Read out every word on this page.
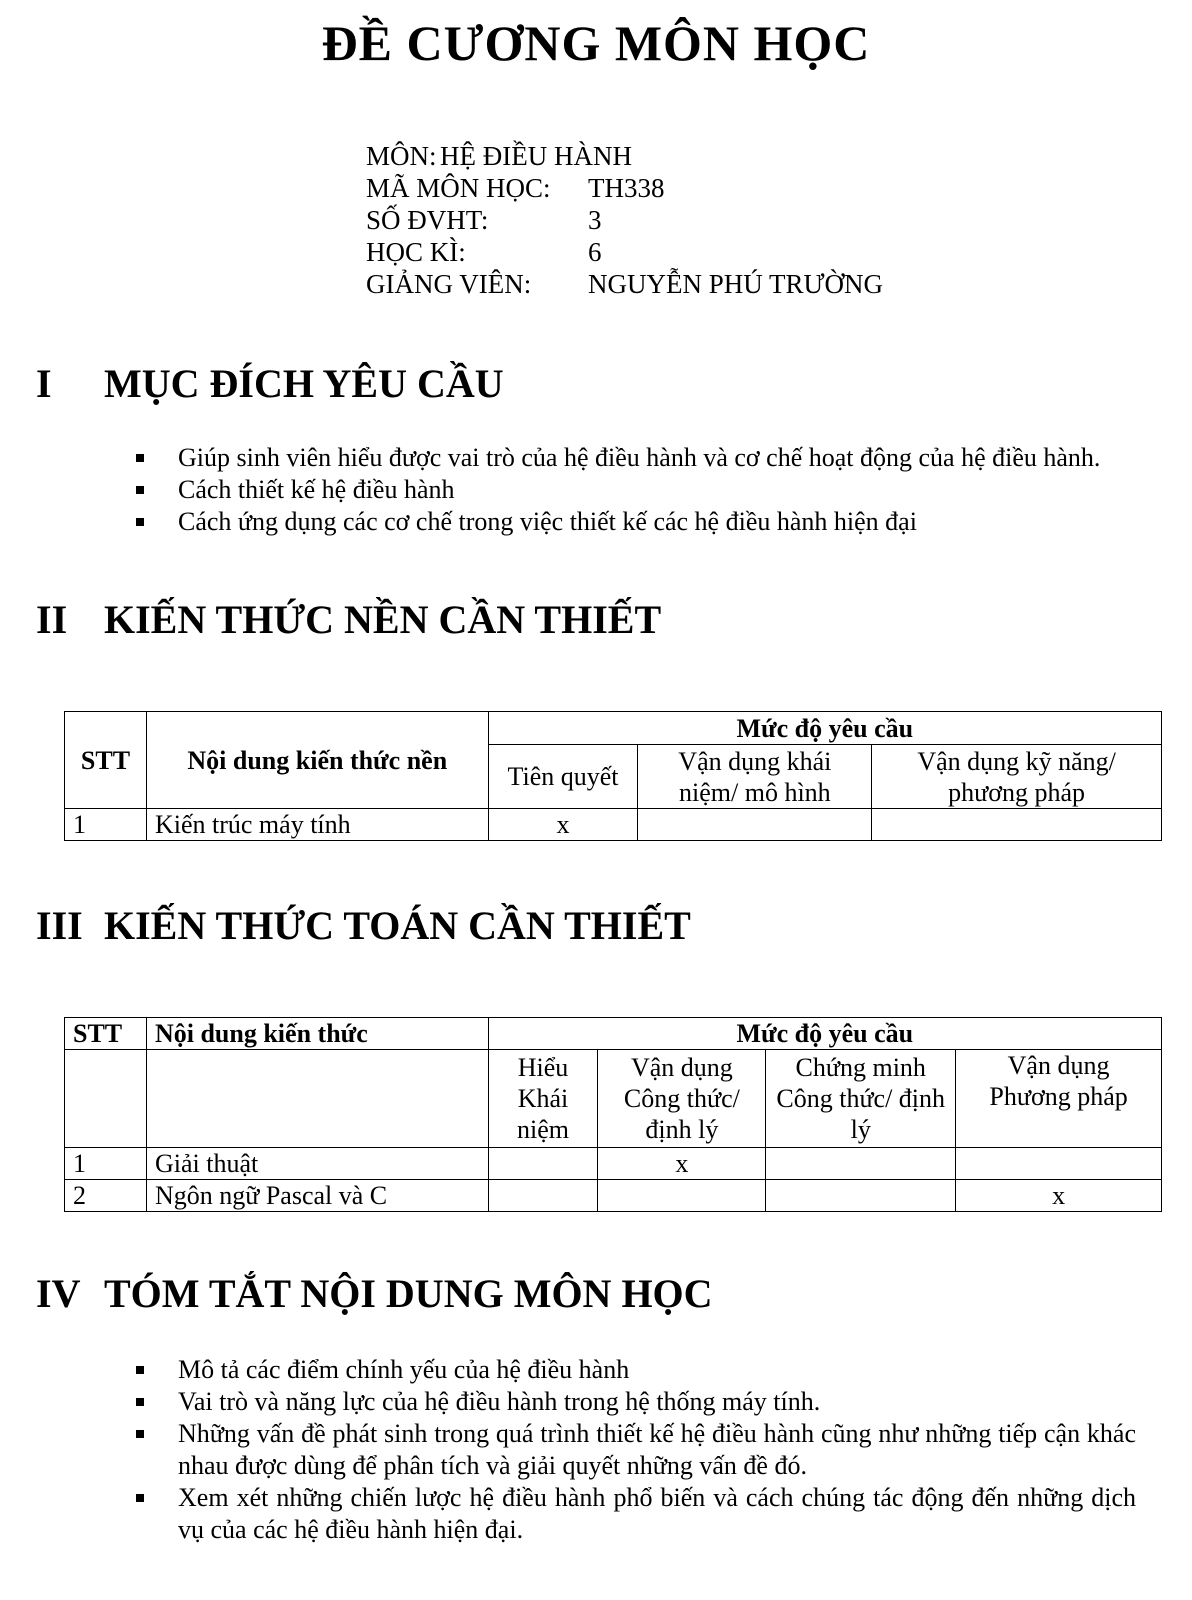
ĐỀ CƯƠNG MÔN HỌC
MÔN: HỆ ĐIỀU HÀNH
MÃ MÔN HỌC:	TH338
SỐ ĐVHT:	3
HỌC KÌ:	6
GIẢNG VIÊN:	NGUYỄN PHÚ TRƯỜNG
I MỤC ĐÍCH YÊU CẦU
Giúp sinh viên hiểu được vai trò của hệ điều hành và cơ chế hoạt động của hệ điều hành.
Cách thiết kế hệ điều hành
Cách ứng dụng các cơ chế trong việc thiết kế các hệ điều hành hiện đại
II KIẾN THỨC NỀN CẦN THIẾT
STT	Nội dung kiến thức nền	Mức độ yêu cầu		
		Tiên quyết	Vận dụng khái niệm/ mô hình	Vận dụng kỹ năng/ phương pháp
1	Kiến trúc máy tính	x		
III KIẾN THỨC TOÁN CẦN THIẾT
STT	Nội dung kiến thức	Mức độ yêu cầu			
		Hiểu Khái niệm	Vận dụng Công thức/ định lý	Chứng minh Công thức/ định lý	Vận dụng Phương pháp
1	Giải thuật		x		
2	Ngôn ngữ Pascal và C				x
IV TÓM TẮT NỘI DUNG MÔN HỌC
Mô tả các điểm chính yếu của hệ điều hành
Vai trò và năng lực của hệ điều hành trong hệ thống máy tính.
Những vấn đề phát sinh trong quá trình thiết kế hệ điều hành cũng như những tiếp cận khác nhau được dùng để phân tích và giải quyết những vấn đề đó.
Xem xét những chiến lược hệ điều hành phổ biến và cách chúng tác động đến những dịch vụ của các hệ điều hành hiện đại.
